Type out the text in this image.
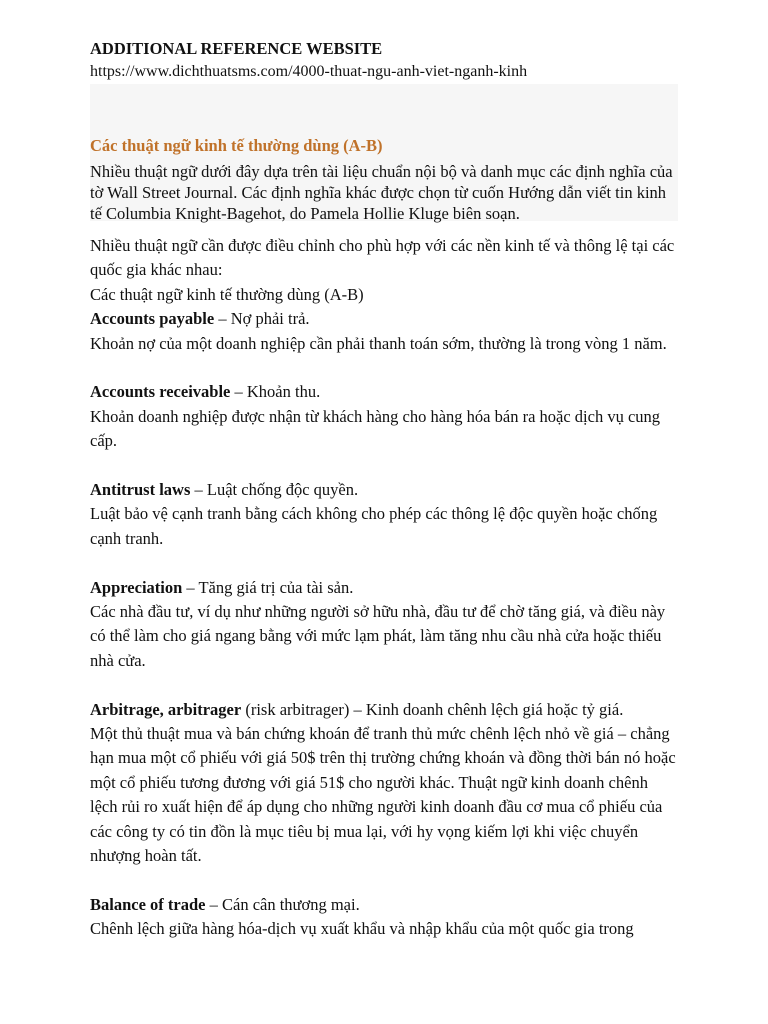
ADDITIONAL REFERENCE WEBSITE

https://www.dichthuatsms.com/4000-thuat-ngu-anh-viet-nganh-kinh

Các thuật ngữ kinh tế thường dùng (A-B)

Nhiều thuật ngữ dưới đây dựa trên tài liệu chuẩn nội bộ và danh mục các định nghĩa của tờ Wall Street Journal. Các định nghĩa khác được chọn từ cuốn Hướng dẫn viết tin kinh tế Columbia Knight-Bagehot, do Pamela Hollie Kluge biên soạn.

Nhiều thuật ngữ cần được điều chỉnh cho phù hợp với các nền kinh tế và thông lệ tại các quốc gia khác nhau:

Các thuật ngữ kinh tế thường dùng (A-B)

Accounts payable – Nợ phải trả.

Khoản nợ của một doanh nghiệp cần phải thanh toán sớm, thường là trong vòng 1 năm.

Accounts receivable – Khoản thu.

Khoản doanh nghiệp được nhận từ khách hàng cho hàng hóa bán ra hoặc dịch vụ cung cấp.

Antitrust laws – Luật chống độc quyền.

Luật bảo vệ cạnh tranh bằng cách không cho phép các thông lệ độc quyền hoặc chống cạnh tranh.

Appreciation – Tăng giá trị của tài sản.

Các nhà đầu tư, ví dụ như những người sở hữu nhà, đầu tư để chờ tăng giá, và điều này có thể làm cho giá ngang bằng với mức lạm phát, làm tăng nhu cầu nhà cửa hoặc thiếu nhà cửa.

Arbitrage, arbitrager (risk arbitrager) – Kinh doanh chênh lệch giá hoặc tỷ giá.

Một thủ thuật mua và bán chứng khoán để tranh thủ mức chênh lệch nhỏ về giá – chẳng hạn mua một cổ phiếu với giá 50$ trên thị trường chứng khoán và đồng thời bán nó hoặc một cổ phiếu tương đương với giá 51$ cho người khác. Thuật ngữ kinh doanh chênh lệch rủi ro xuất hiện để áp dụng cho những người kinh doanh đầu cơ mua cổ phiếu của các công ty có tin đồn là mục tiêu bị mua lại, với hy vọng kiếm lợi khi việc chuyển nhượng hoàn tất.

Balance of trade – Cán cân thương mại.

Chênh lệch giữa hàng hóa-dịch vụ xuất khẩu và nhập khẩu của một quốc gia trong
